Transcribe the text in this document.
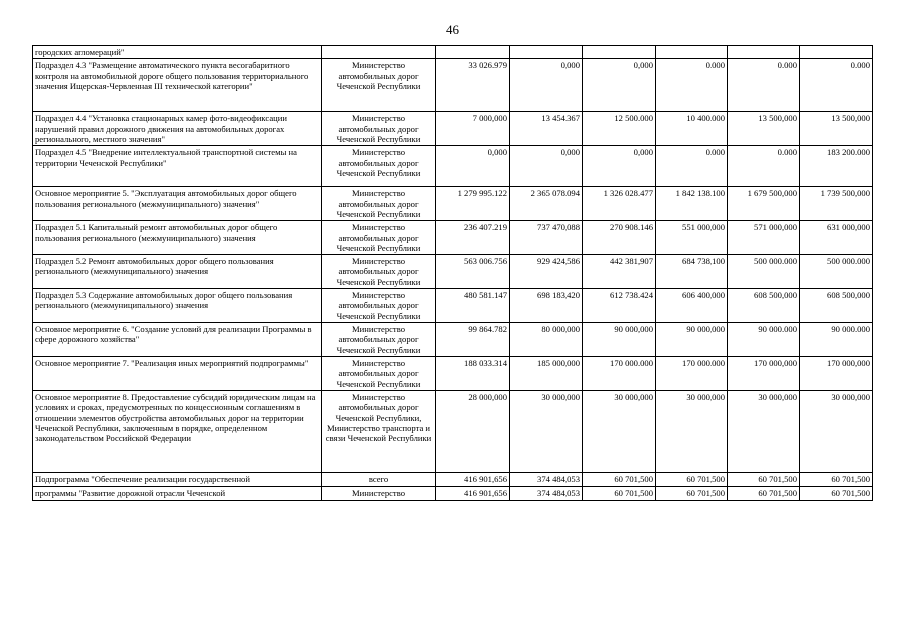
46
городских агломераций"							
Подраздел 4.3 "Размещение автоматического пункта весогабаритного контроля на автомобильной дороге общего пользования территориального значения Ищерская-Червленная III технической категории"	Министерство автомобильных дорог Чеченской Республики	33 026.979	0,000	0,000	0.000	0.000	0.000
Подраздел 4.4 "Установка стационарных камер фото-видеофиксации нарушений правил дорожного движения на автомобильных дорогах регионального, местного значения"	Министерство автомобильных дорог Чеченской Республики	7 000,000	13 454.367	12 500.000	10 400.000	13 500,000	13 500,000
Подраздел 4.5 "Внедрение интеллектуальной транспортной системы на территории Чеченской Республики"	Министерство автомобильных дорог Чеченской Республики	0,000	0,000	0,000	0.000	0.000	183 200.000
Основное мероприятие 5. "Эксплуатация автомобильных дорог общего пользования регионального (межмуниципального) значения"	Министерство автомобильных дорог Чеченской Республики	1 279 995.122	2 365 078.094	1 326 028.477	1 842 138.100	1 679 500,000	1 739 500,000
Подраздел 5.1 Капитальный ремонт автомобильных дорог общего пользования регионального (межмуниципального) значения	Министерство автомобильных дорог Чеченской Республики	236 407.219	737 470,088	270 908.146	551 000,000	571 000,000	631 000,000
Подраздел 5.2 Ремонт автомобильных дорог общего пользования регионального (межмуниципального) значения	Министерство автомобильных дорог Чеченской Республики	563 006.756	929 424,586	442 381,907	684 738,100	500 000.000	500 000.000
Подраздел 5.3 Содержание автомобильных дорог общего пользования регионального (межмуниципального) значения	Министерство автомобильных дорог Чеченской Республики	480 581.147	698 183,420	612 738.424	606 400,000	608 500,000	608 500,000
Основное мероприятие 6. "Создание условий для реализации Программы в сфере дорожного хозяйства"	Министерство автомобильных дорог Чеченской Республики	99 864.782	80 000,000	90 000,000	90 000,000	90 000.000	90 000.000
Основное мероприятие 7. "Реализация иных мероприятий подпрограммы"	Министерство автомобильных дорог Чеченской Республики	188 033.314	185 000,000	170 000.000	170 000.000	170 000,000	170 000,000
Основное мероприятие 8. Предоставление субсидий юридическим лицам на условиях и сроках, предусмотренных по концессионным соглашениям в отношении элементов обустройства автомобильных дорог на территории Чеченской Республики, заключенным в порядке, определенном законодательством Российской Федерации	Министерство автомобильных дорог Чеченской Республики, Министерство транспорта и связи Чеченской Республики	28 000,000	30 000,000	30 000,000	30 000,000	30 000,000	30 000,000
Подпрограмма "Обеспечение реализации государственной	всего	416 901,656	374 484,053	60 701,500	60 701,500	60 701,500	60 701,500
программы "Развитие дорожной отрасли Чеченской	Министерство	416 901,656	374 484,053	60 701,500	60 701,500	60 701,500	60 701,500
